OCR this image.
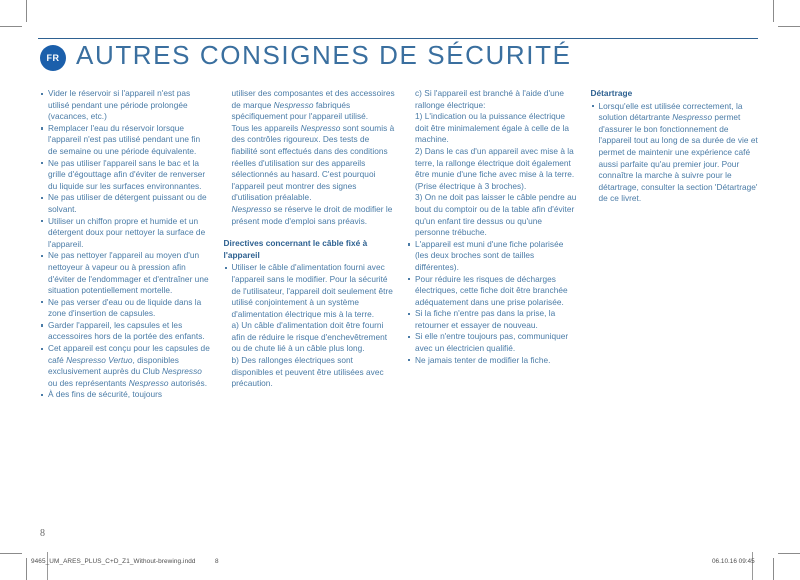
FR AUTRES CONSIGNES DE SÉCURITÉ
Vider le réservoir si l'appareil n'est pas utilisé pendant une période prolongée (vacances, etc.)
Remplacer l'eau du réservoir lorsque l'appareil n'est pas utilisé pendant une fin de semaine ou une période équivalente.
Ne pas utiliser l'appareil sans le bac et la grille d'égouttage afin d'éviter de renverser du liquide sur les surfaces environnantes.
Ne pas utiliser de détergent puissant ou de solvant.
Utiliser un chiffon propre et humide et un détergent doux pour nettoyer la surface de l'appareil.
Ne pas nettoyer l'appareil au moyen d'un nettoyeur à vapeur ou à pression afin d'éviter de l'endommager et d'entraîner une situation potentiellement mortelle.
Ne pas verser d'eau ou de liquide dans la zone d'insertion de capsules.
Garder l'appareil, les capsules et les accessoires hors de la portée des enfants.
Cet appareil est conçu pour les capsules de café Nespresso Vertuo, disponibles exclusivement auprès du Club Nespresso ou des représentants Nespresso autorisés.
À des fins de sécurité, toujours

utiliser des composantes et des accessoires de marque Nespresso fabriqués spécifiquement pour l'appareil utilisé.

Tous les appareils Nespresso sont soumis à des contrôles rigoureux. Des tests de fiabilité sont effectués dans des conditions réelles d'utilisation sur des appareils sélectionnés au hasard. C'est pourquoi l'appareil peut montrer des signes d'utilisation préalable.

Nespresso se réserve le droit de modifier le présent mode d'emploi sans préavis.

Directives concernant le câble fixé à l'appareil
Utiliser le câble d'alimentation fourni avec l'appareil sans le modifier. Pour la sécurité de l'utilisateur, l'appareil doit seulement être utilisé conjointement à un système d'alimentation électrique mis à la terre.

a) Un câble d'alimentation doit être fourni afin de réduire le risque d'enchevêtrement ou de chute lié à un câble plus long.

b) Des rallonges électriques sont disponibles et peuvent être utilisées avec précaution.

c) Si l'appareil est branché à l'aide d'une rallonge électrique:

1) L'indication ou la puissance électrique doit être minimalement égale à celle de la machine.

2) Dans le cas d'un appareil avec mise à la terre, la rallonge électrique doit également être munie d'une fiche avec mise à la terre. (Prise électrique à 3 broches).

3) On ne doit pas laisser le câble pendre au bout du comptoir ou de la table afin d'éviter qu'un enfant tire dessus ou qu'une personne trébuche.

L'appareil est muni d'une fiche polarisée (les deux broches sont de tailles différentes).
Pour réduire les risques de décharges électriques, cette fiche doit être branchée adéquatement dans une prise polarisée.
Si la fiche n'entre pas dans la prise, la retourner et essayer de nouveau.
Si elle n'entre toujours pas, communiquer avec un électricien qualifié.
Ne jamais tenter de modifier la fiche.
Détartrage
Lorsqu'elle est utilisée correctement, la solution détartrante Nespresso permet d'assurer le bon fonctionnement de l'appareil tout au long de sa durée de vie et permet de maintenir une expérience café aussi parfaite qu'au premier jour. Pour connaître la marche à suivre pour le détartrage, consulter la section 'Détartrage' de ce livret.
8
9465_UM_ARES_PLUS_C+D_Z1_Without-brewing.indd	8	06.10.16 09:45
